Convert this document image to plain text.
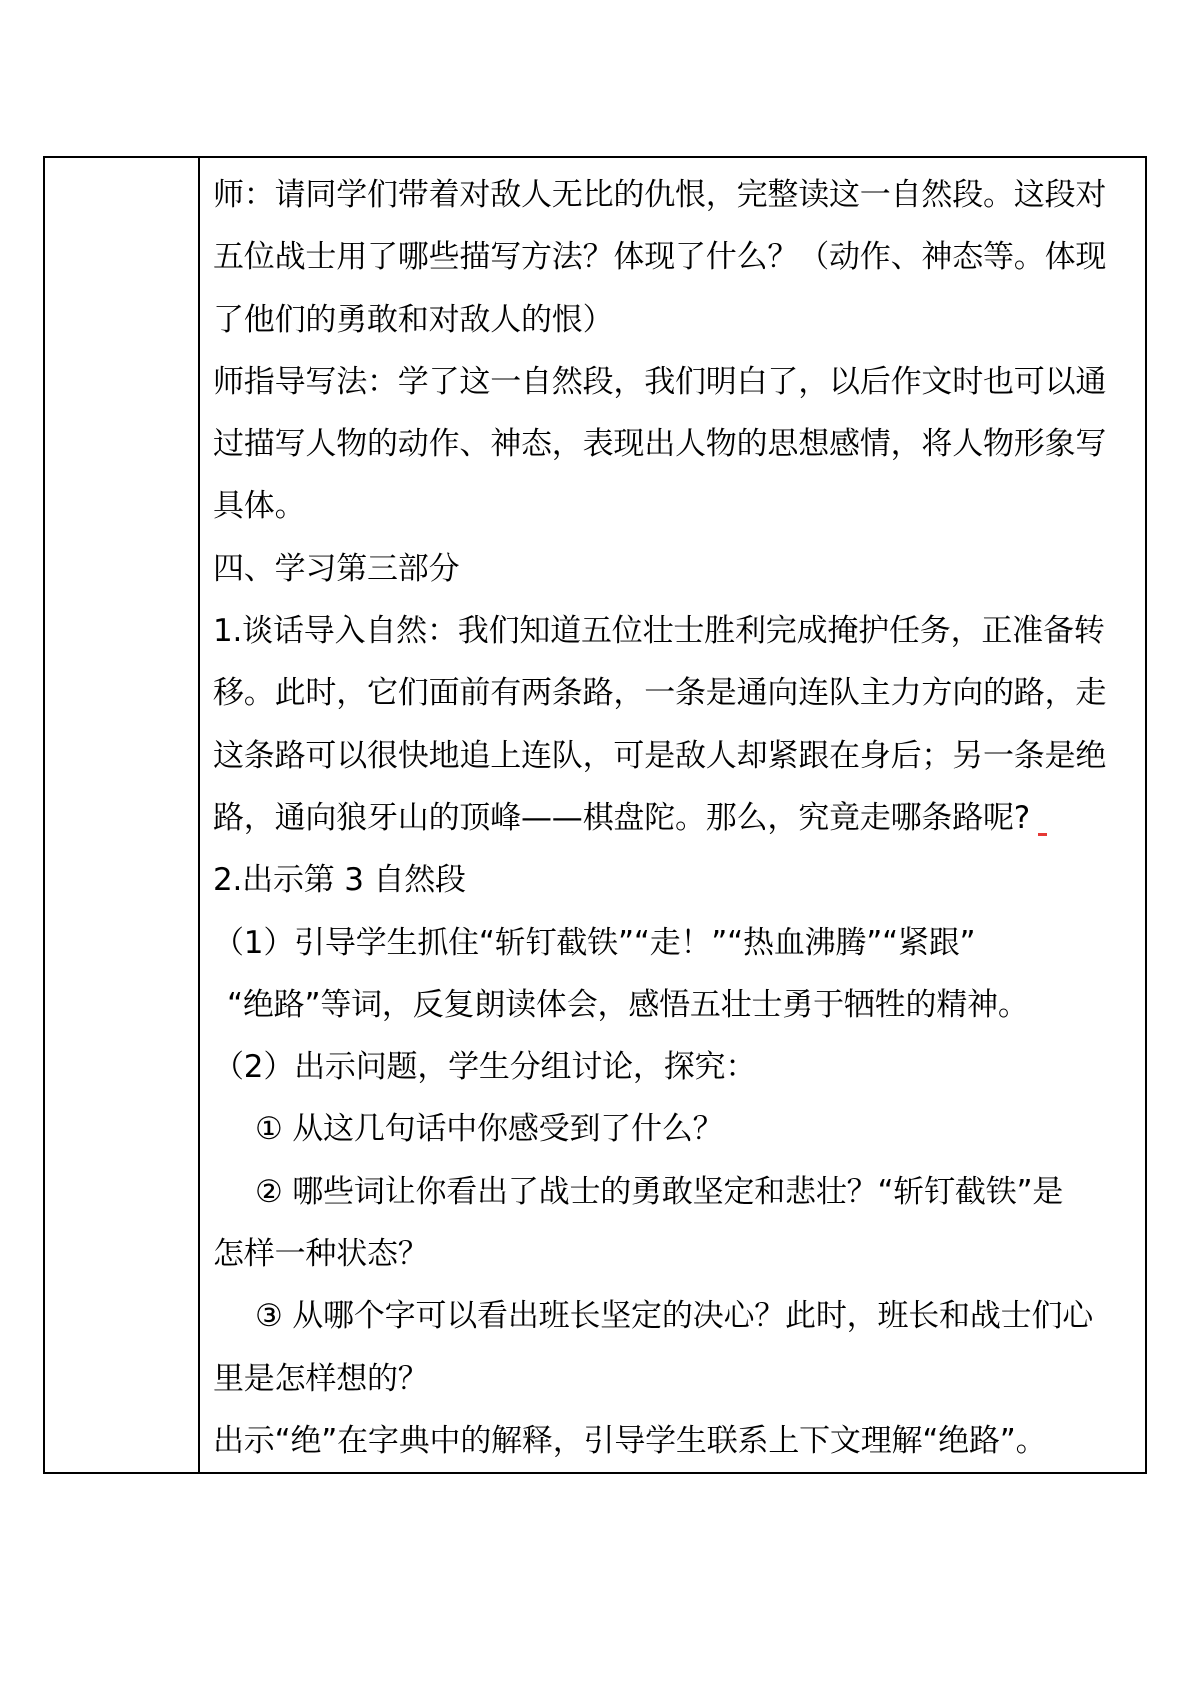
师：请同学们带着对敌人无比的仇恨，完整读这一自然段。这段对
五位战士用了哪些描写方法？体现了什么？（动作、神态等。体现
了他们的勇敢和对敌人的恨）
师指导写法：学了这一自然段，我们明白了，以后作文时也可以通
过描写人物的动作、神态，表现出人物的思想感情，将人物形象写
具体。
四、学习第三部分
1.谈话导入自然：我们知道五位壮士胜利完成掩护任务，正准备转
移。此时，它们面前有两条路，一条是通向连队主力方向的路，走
这条路可以很快地追上连队，可是敌人却紧跟在身后；另一条是绝
路，通向狼牙山的顶峰——棋盘陀。那么，究竟走哪条路呢?
2.出示第 3 自然段
（1）引导学生抓住“斩钉截铁”“走！”“热血沸腾”“紧跟”
“绝路”等词，反复朗读体会，感悟五壮士勇于牺牲的精神。
（2）出示问题，学生分组讨论，探究：
① 从这几句话中你感受到了什么？
② 哪些词让你看出了战士的勇敢坚定和悲壮？“斩钉截铁”是
怎样一种状态？
③ 从哪个字可以看出班长坚定的决心？此时，班长和战士们心
里是怎样想的？
出示“绝”在字典中的解释，引导学生联系上下文理解“绝路”。
